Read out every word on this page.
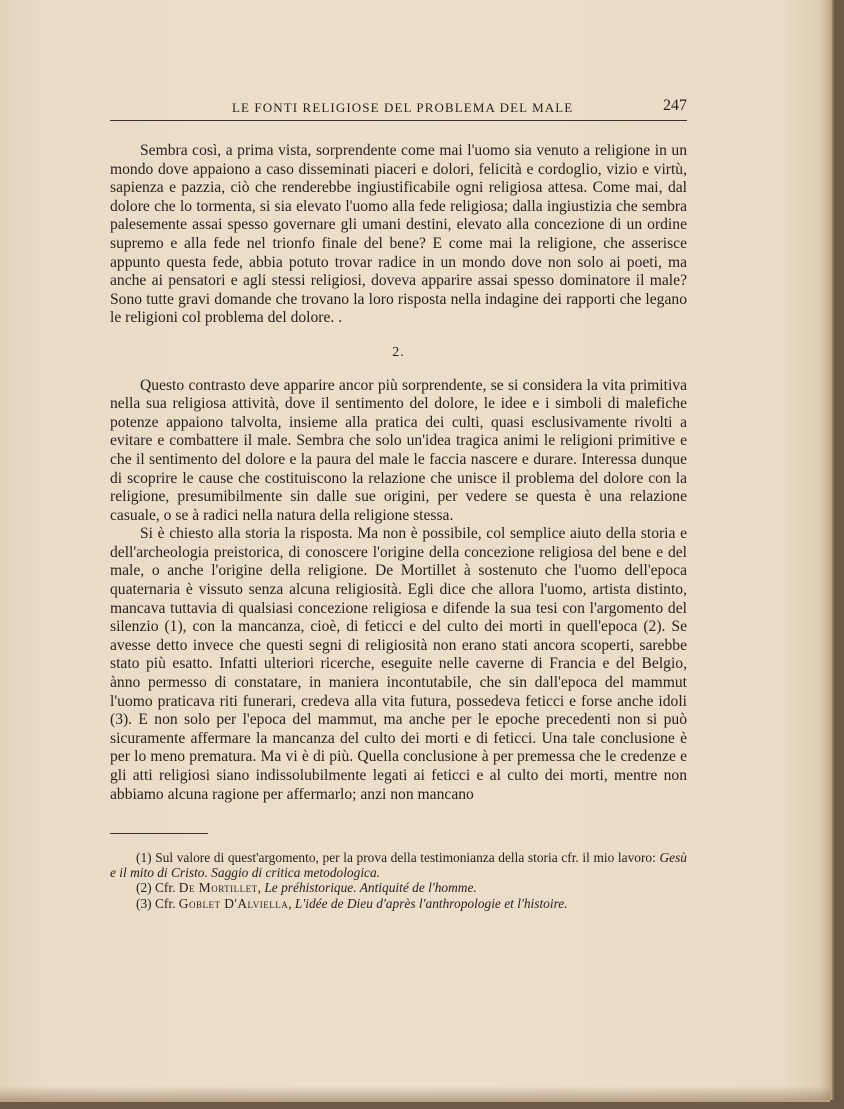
LE FONTI RELIGIOSE DEL PROBLEMA DEL MALE	247

Sembra così, a prima vista, sorprendente come mai l'uomo sia venuto a religione in un mondo dove appaiono a caso disseminati piaceri e dolori, felicità e cordoglio, vizio e virtù, sapienza e pazzia, ciò che renderebbe ingiustificabile ogni religiosa attesa. Come mai, dal dolore che lo tormenta, si sia elevato l'uomo alla fede religiosa; dalla ingiustizia che sembra palesemente assai spesso governare gli umani destini, elevato alla concezione di un ordine supremo e alla fede nel trionfo finale del bene? E come mai la religione, che asserisce appunto questa fede, abbia potuto trovar radice in un mondo dove non solo ai poeti, ma anche ai pensatori e agli stessi religiosi, doveva apparire assai spesso dominatore il male? Sono tutte gravi domande che trovano la loro risposta nella indagine dei rapporti che legano le religioni col problema del dolore. .

2.

Questo contrasto deve apparire ancor più sorprendente, se si considera la vita primitiva nella sua religiosa attività, dove il sentimento del dolore, le idee e i simboli di malefiche potenze appaiono talvolta, insieme alla pratica dei culti, quasi esclusivamente rivolti a evitare e combattere il male. Sembra che solo un'idea tragica animi le religioni primitive e che il sentimento del dolore e la paura del male le faccia nascere e durare. Interessa dunque di scoprire le cause che costituiscono la relazione che unisce il problema del dolore con la religione, presumibilmente sin dalle sue origini, per vedere se questa è una relazione casuale, o se à radici nella natura della religione stessa.

Si è chiesto alla storia la risposta. Ma non è possibile, col semplice aiuto della storia e dell'archeologia preistorica, di conoscere l'origine della concezione religiosa del bene e del male, o anche l'origine della religione. De Mortillet à sostenuto che l'uomo dell'epoca quaternaria è vissuto senza alcuna religiosità. Egli dice che allora l'uomo, artista distinto, mancava tuttavia di qualsiasi concezione religiosa e difende la sua tesi con l'argomento del silenzio (1), con la mancanza, cioè, di feticci e del culto dei morti in quell'epoca (2). Se avesse detto invece che questi segni di religiosità non erano stati ancora scoperti, sarebbe stato più esatto. Infatti ulteriori ricerche, eseguite nelle caverne di Francia e del Belgio, ànno permesso di constatare, in maniera incontutabile, che sin dall'epoca del mammut l'uomo praticava riti funerari, credeva alla vita futura, possedeva feticci e forse anche idoli (3). E non solo per l'epoca del mammut, ma anche per le epoche precedenti non si può sicuramente affermare la mancanza del culto dei morti e di feticci. Una tale conclusione è per lo meno prematura. Ma vi è di più. Quella conclusione à per premessa che le credenze e gli atti religiosi siano indissolubilmente legati ai feticci e al culto dei morti, mentre non abbiamo alcuna ragione per affermarlo; anzi non mancano

(1) Sul valore di quest'argomento, per la prova della testimonianza della storia cfr. il mio lavoro: Gesù e il mito di Cristo. Saggio di critica metodologica.

(2) Cfr. De Mortillet, Le préhistorique. Antiquité de l'homme.

(3) Cfr. Goblet D'Alviella, L'idée de Dieu d'après l'anthropologie et l'histoire.
